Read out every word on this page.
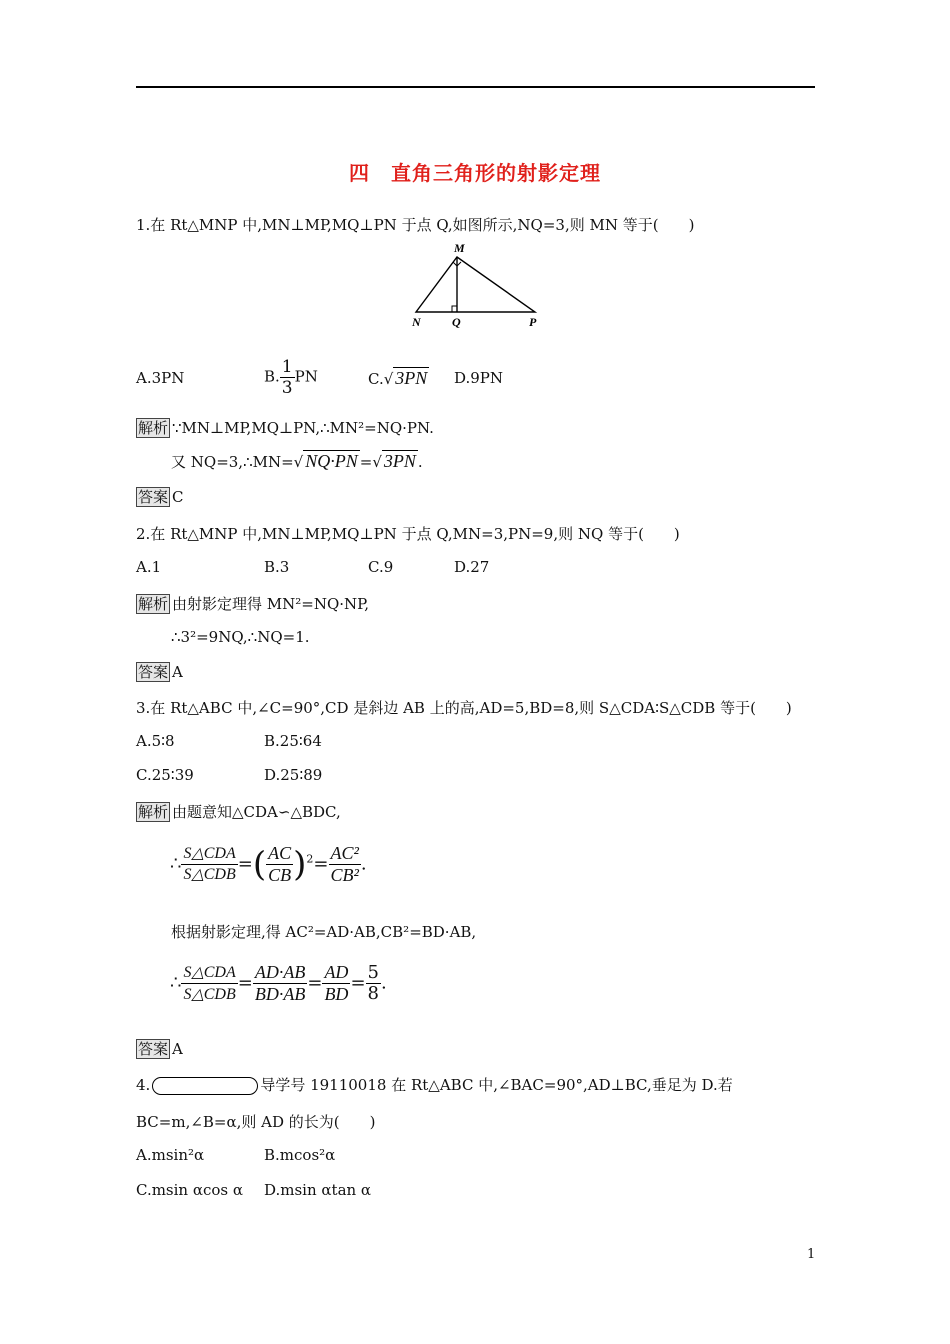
四　直角三角形的射影定理
1.在 Rt△MNP 中,MN⊥MP,MQ⊥PN 于点 Q,如图所示,NQ=3,则 MN 等于(　　)
M
N	Q	P
A.3PN	B. $\frac{1}{3}$ PN	C.√ 3PN D.9PN
解析 ∵MN⊥MP,MQ⊥PN,∴MN²=NQ·PN.
又 NQ=3,∴MN=√ NQ·PN =√ 3PN .
答案 C
2.在 Rt△MNP 中,MN⊥MP,MQ⊥PN 于点 Q,MN=3,PN=9,则 NQ 等于(　　)
A.1	B.3	C.9	D.27
解析 由射影定理得 MN²=NQ·NP,
∴3²=9NQ,∴NQ=1.
答案 A
3.在 Rt△ABC 中,∠C=90°,CD 是斜边 AB 上的高,AD=5,BD=8,则 S△CDA∶S△CDB 等于(　　)
A.5∶8	B.25∶64
C.25∶39	D.25∶89
解析 由题意知△CDA∽△BDC,
∴ $\frac{\text{S△CDA}}{\text{S△CDB}}$ =( $\frac{AC}{CB} )^2= \frac{\text{AC²}}{\text{CB²}}$ .
根据射影定理,得 AC²=AD·AB,CB²=BD·AB,
∴ $\frac{\text{S△CDA}}{\text{S△CDB}} = \frac{AD\cdot AB}{BD\cdot AB} = \frac{AD}{BD} = \frac{5}{8}$ .
答案 A
4.	导学号 19110018 在 Rt△ABC 中,∠BAC=90°,AD⊥BC,垂足为 D.若
BC=m,∠B=α,则 AD 的长为(　　)
A.msin²α	B.mcos²α
C.msin αcos α D.msin αtan α
1
